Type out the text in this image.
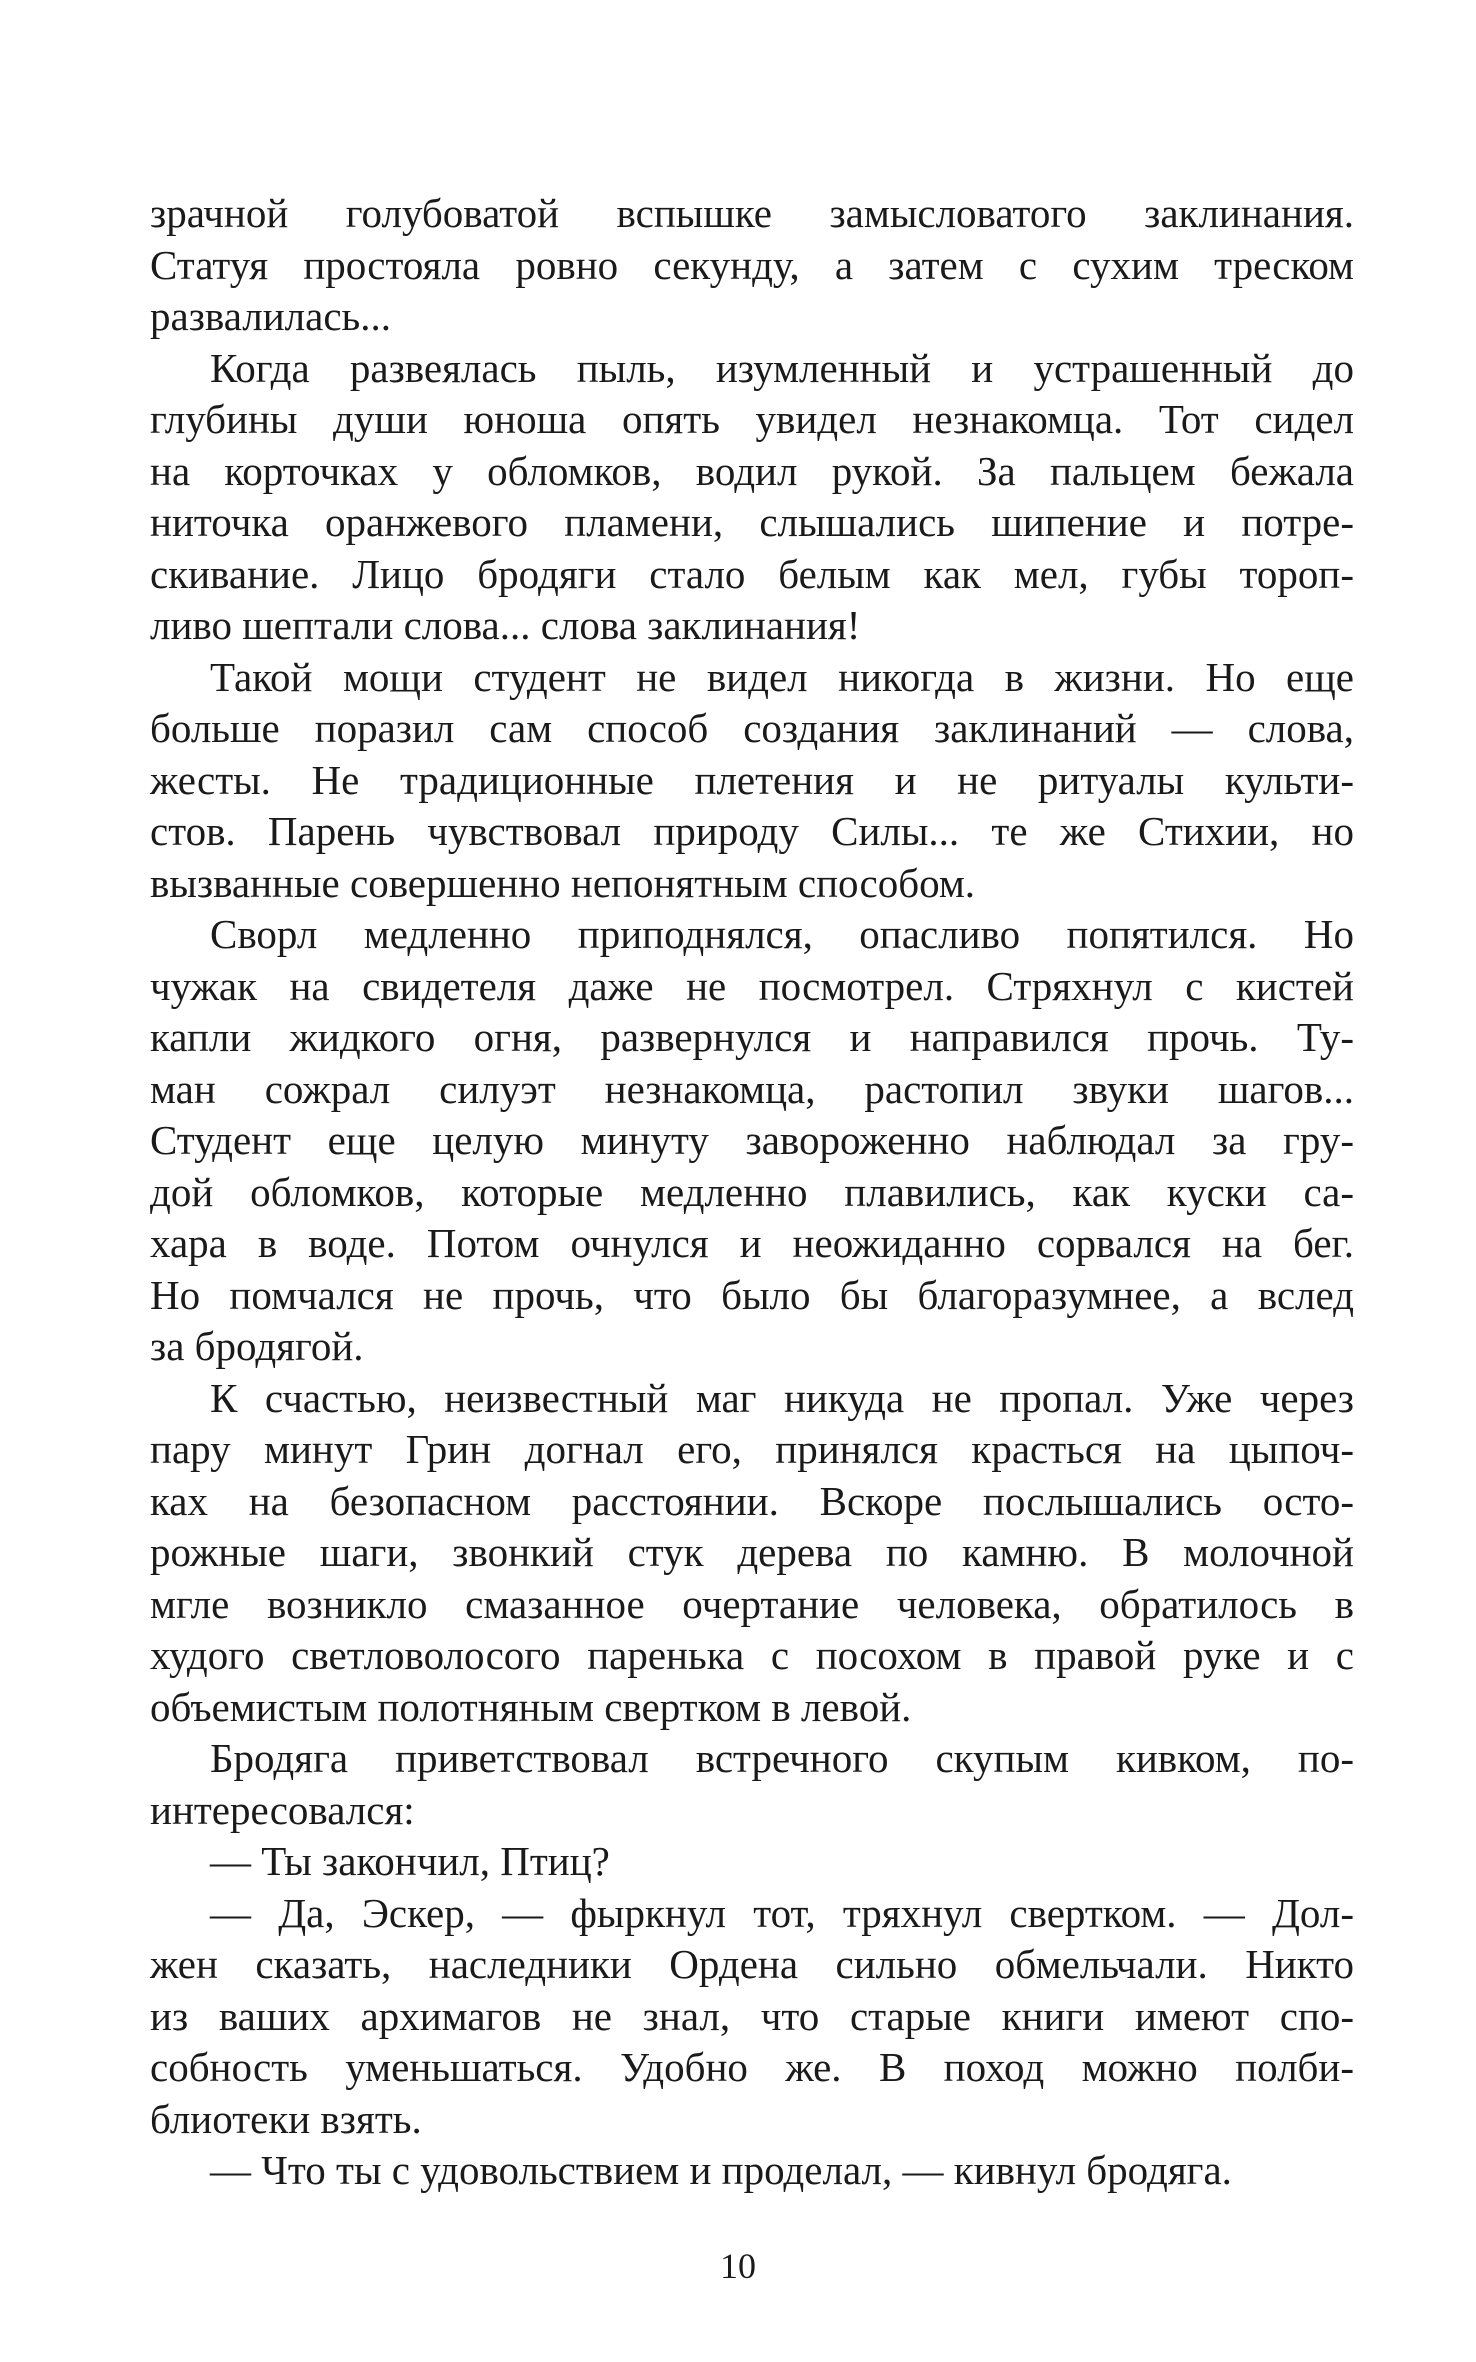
зрачной голубоватой вспышке замысловатого заклинания.
Статуя простояла ровно секунду, а затем с сухим треском
развалилась...
Когда развеялась пыль, изумленный и устрашенный до
глубины души юноша опять увидел незнакомца. Тот сидел
на корточках у обломков, водил рукой. За пальцем бежала
ниточка оранжевого пламени, слышались шипение и потре-
скивание. Лицо бродяги стало белым как мел, губы тороп-
ливо шептали слова... слова заклинания!
Такой мощи студент не видел никогда в жизни. Но еще
больше поразил сам способ создания заклинаний — слова,
жесты. Не традиционные плетения и не ритуалы культи-
стов. Парень чувствовал природу Силы... те же Стихии, но
вызванные совершенно непонятным способом.
Сворл медленно приподнялся, опасливо попятился. Но
чужак на свидетеля даже не посмотрел. Стряхнул с кистей
капли жидкого огня, развернулся и направился прочь. Ту-
ман сожрал силуэт незнакомца, растопил звуки шагов...
Студент еще целую минуту завороженно наблюдал за гру-
дой обломков, которые медленно плавились, как куски са-
хара в воде. Потом очнулся и неожиданно сорвался на бег.
Но помчался не прочь, что было бы благоразумнее, а вслед
за бродягой.
К счастью, неизвестный маг никуда не пропал. Уже через
пару минут Грин догнал его, принялся красться на цыпоч-
ках на безопасном расстоянии. Вскоре послышались осто-
рожные шаги, звонкий стук дерева по камню. В молочной
мгле возникло смазанное очертание человека, обратилось в
худого светловолосого паренька с посохом в правой руке и с
объемистым полотняным свертком в левой.
Бродяга приветствовал встречного скупым кивком, по-
интересовался:
— Ты закончил, Птиц?
— Да, Эскер, — фыркнул тот, тряхнул свертком. — Дол-
жен сказать, наследники Ордена сильно обмельчали. Никто
из ваших архимагов не знал, что старые книги имеют спо-
собность уменьшаться. Удобно же. В поход можно полби-
блиотеки взять.
— Что ты с удовольствием и проделал, — кивнул бродяга.
10
